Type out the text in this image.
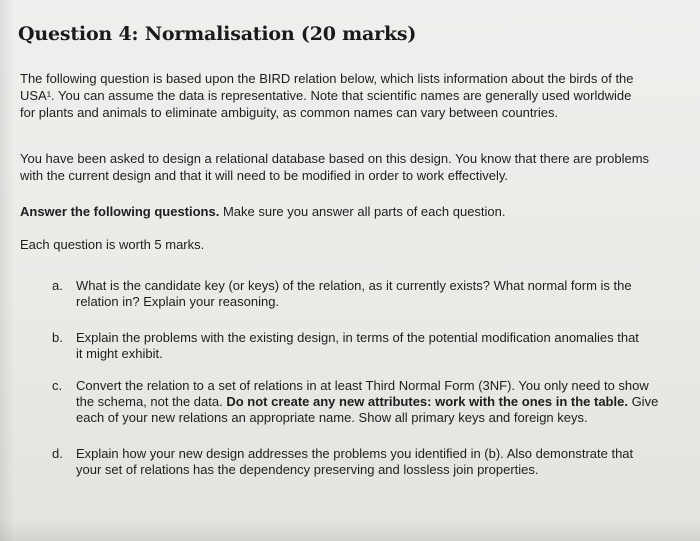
Question 4: Normalisation (20 marks)

The following question is based upon the BIRD relation below, which lists information about the birds of the
USA¹. You can assume the data is representative. Note that scientific names are generally used worldwide
for plants and animals to eliminate ambiguity, as common names can vary between countries.

You have been asked to design a relational database based on this design. You know that there are problems
with the current design and that it will need to be modified in order to work effectively.

Answer the following questions. Make sure you answer all parts of each question.

Each question is worth 5 marks.

a. What is the candidate key (or keys) of the relation, as it currently exists? What normal form is the
relation in? Explain your reasoning.
b. Explain the problems with the existing design, in terms of the potential modification anomalies that
it might exhibit.
c. Convert the relation to a set of relations in at least Third Normal Form (3NF). You only need to show
the schema, not the data. Do not create any new attributes: work with the ones in the table. Give
each of your new relations an appropriate name. Show all primary keys and foreign keys.
d. Explain how your new design addresses the problems you identified in (b). Also demonstrate that
your set of relations has the dependency preserving and lossless join properties.
